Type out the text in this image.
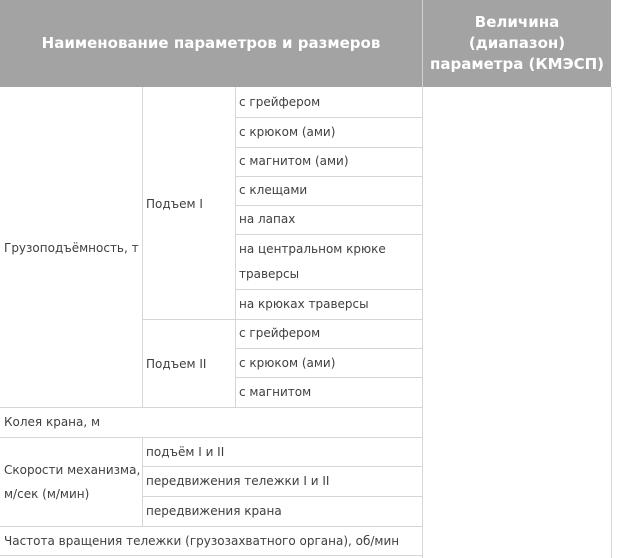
Наименование параметров и размеров
Величина
(диапазон)
параметра (КМЭСП)
Грузоподъёмность, т
Подъем I
с грейфером
с крюком (ами)
с магнитом (ами)
с клещами
на лапах
на центральном крюке
траверсы
на крюках траверсы
Подъем II
с грейфером
с крюком (ами)
с магнитом
Колея крана, м
Скорости механизма,
м/сек (м/мин)
подъём I и II
передвижения тележки I и II
передвижения крана
Частота вращения тележки (грузозахватного органа), об/мин
